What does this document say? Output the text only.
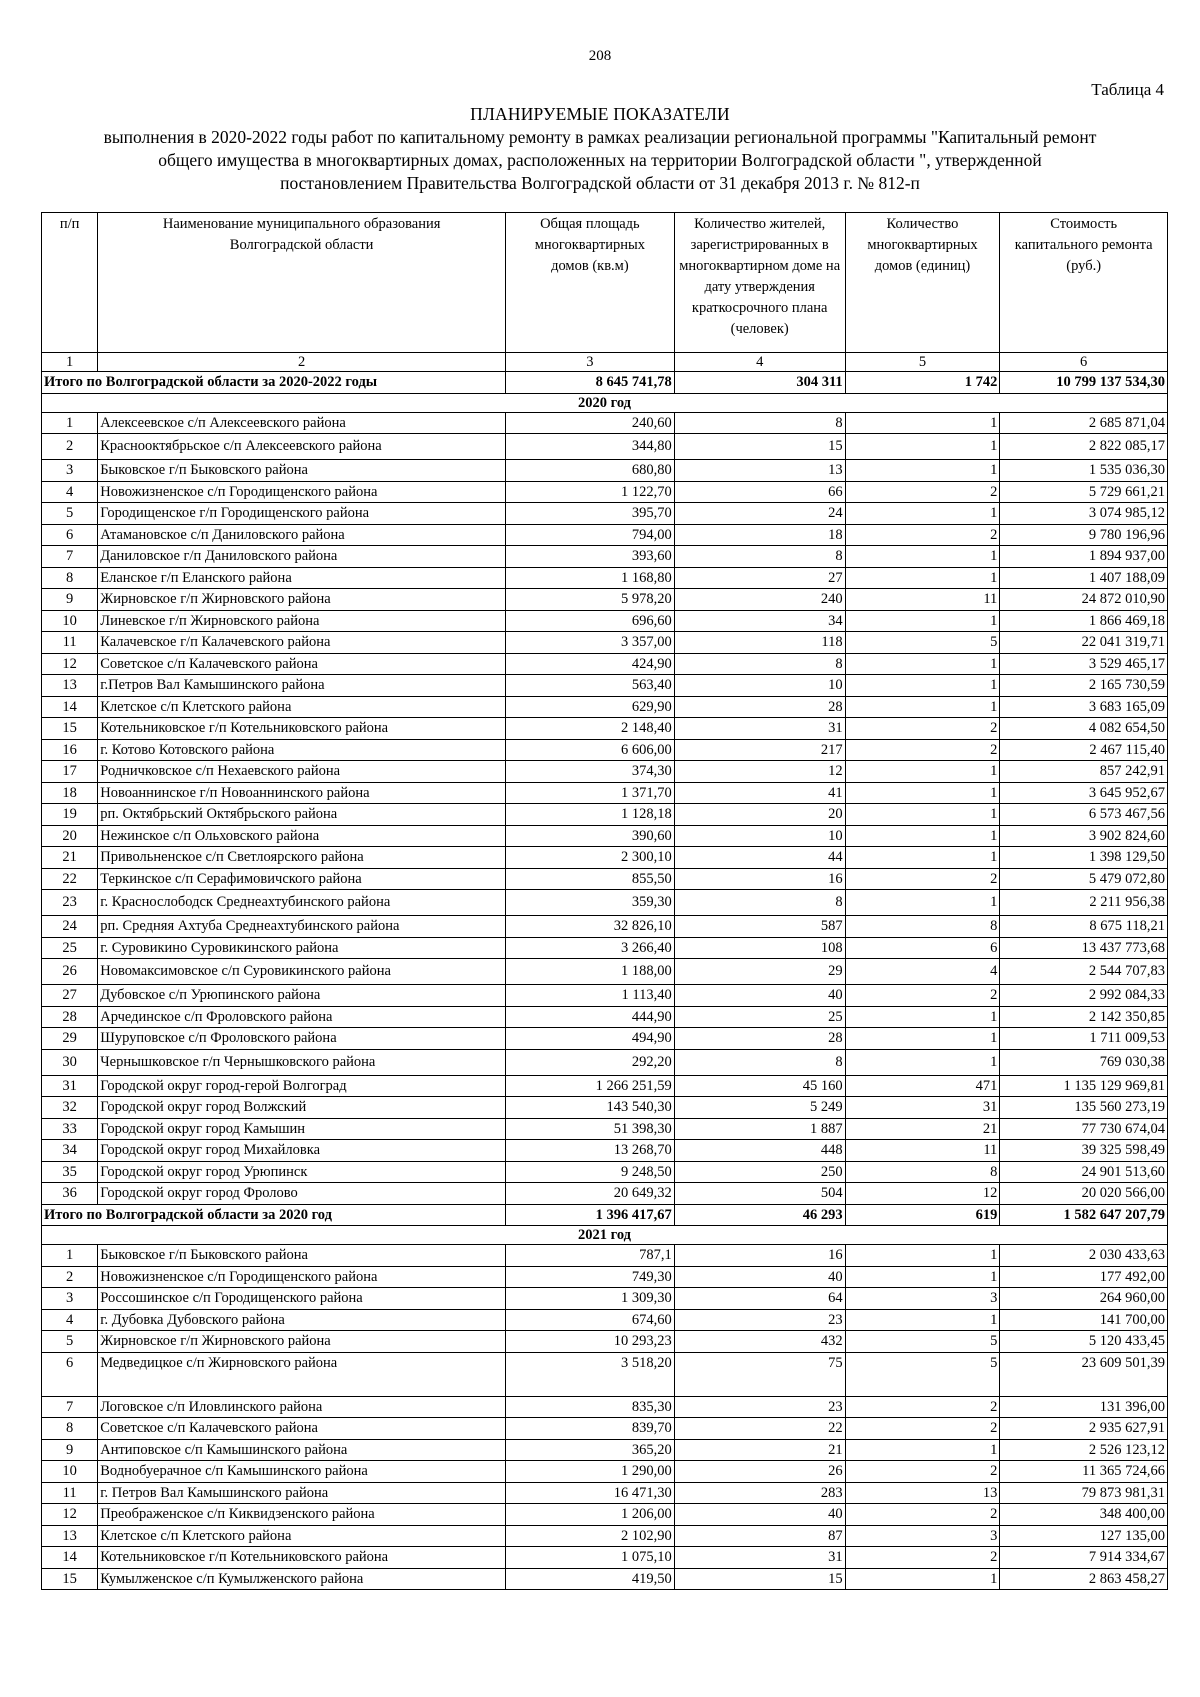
208
Таблица 4
ПЛАНИРУЕМЫЕ ПОКАЗАТЕЛИ
выполнения в 2020-2022 годы работ по капитальному ремонту в рамках реализации региональной программы "Капитальный ремонт
общего имущества в многоквартирных домах, расположенных на территории Волгоградской области ", утвержденной
постановлением Правительства Волгоградской области от 31 декабря 2013 г. № 812-п
п/п	Наименование муниципального образования Волгоградской области	Общая площадь многоквартирных домов (кв.м)	Количество жителей, зарегистрированных в многоквартирном доме на дату утверждения краткосрочного плана (человек)	Количество многоквартирных домов (единиц)	Стоимость капитального ремонта (руб.)
1	2	3	4	5	6
Итого по Волгоградской области за 2020-2022 годы		8 645 741,78	304 311	1 742	10 799 137 534,30
2020 год					
1	Алексеевское с/п Алексеевского района	240,60	8	1	2 685 871,04
2	Краснооктябрьское с/п Алексеевского района	344,80	15	1	2 822 085,17
3	Быковское г/п Быковского района	680,80	13	1	1 535 036,30
4	Новожизненское с/п Городищенского района	1 122,70	66	2	5 729 661,21
5	Городищенское г/п Городищенского района	395,70	24	1	3 074 985,12
6	Атамановское с/п Даниловского района	794,00	18	2	9 780 196,96
7	Даниловское г/п Даниловского района	393,60	8	1	1 894 937,00
8	Еланское г/п Еланского района	1 168,80	27	1	1 407 188,09
9	Жирновское г/п Жирновского района	5 978,20	240	11	24 872 010,90
10	Линевское г/п Жирновского района	696,60	34	1	1 866 469,18
11	Калачевское г/п Калачевского района	3 357,00	118	5	22 041 319,71
12	Советское с/п Калачевского района	424,90	8	1	3 529 465,17
13	г.Петров Вал Камышинского района	563,40	10	1	2 165 730,59
14	Клетское с/п Клетского района	629,90	28	1	3 683 165,09
15	Котельниковское г/п Котельниковского района	2 148,40	31	2	4 082 654,50
16	г. Котово Котовского района	6 606,00	217	2	2 467 115,40
17	Родничковское с/п Нехаевского района	374,30	12	1	857 242,91
18	Новоаннинское г/п Новоаннинского района	1 371,70	41	1	3 645 952,67
19	рп. Октябрьский Октябрьского района	1 128,18	20	1	6 573 467,56
20	Нежинское с/п Ольховского района	390,60	10	1	3 902 824,60
21	Привольненское с/п Светлоярского района	2 300,10	44	1	1 398 129,50
22	Теркинское с/п Серафимовичского района	855,50	16	2	5 479 072,80
23	г. Краснослободск Среднеахтубинского района	359,30	8	1	2 211 956,38
24	рп. Средняя Ахтуба Среднеахтубинского района	32 826,10	587	8	8 675 118,21
25	г. Суровикино Суровикинского района	3 266,40	108	6	13 437 773,68
26	Новомаксимовское с/п Суровикинского района	1 188,00	29	4	2 544 707,83
27	Дубовское с/п Урюпинского района	1 113,40	40	2	2 992 084,33
28	Арчединское с/п Фроловского района	444,90	25	1	2 142 350,85
29	Шуруповское с/п Фроловского района	494,90	28	1	1 711 009,53
30	Чернышковское г/п Чернышковского района	292,20	8	1	769 030,38
31	Городской округ город-герой Волгоград	1 266 251,59	45 160	471	1 135 129 969,81
32	Городской округ город Волжский	143 540,30	5 249	31	135 560 273,19
33	Городской округ город Камышин	51 398,30	1 887	21	77 730 674,04
34	Городской округ город Михайловка	13 268,70	448	11	39 325 598,49
35	Городской округ город Урюпинск	9 248,50	250	8	24 901 513,60
36	Городской округ город Фролово	20 649,32	504	12	20 020 566,00
Итого по Волгоградской области за 2020 год		1 396 417,67	46 293	619	1 582 647 207,79
2021 год					
1	Быковское г/п Быковского района	787,1	16	1	2 030 433,63
2	Новожизненское с/п Городищенского района	749,30	40	1	177 492,00
3	Россошинское с/п Городищенского района	1 309,30	64	3	264 960,00
4	г. Дубовка Дубовского района	674,60	23	1	141 700,00
5	Жирновское г/п Жирновского района	10 293,23	432	5	5 120 433,45
6	Медведицкое с/п Жирновского района	3 518,20	75	5	23 609 501,39
7	Логовское с/п Иловлинского района	835,30	23	2	131 396,00
8	Советское с/п Калачевского района	839,70	22	2	2 935 627,91
9	Антиповское с/п Камышинского района	365,20	21	1	2 526 123,12
10	Воднобуерачное с/п Камышинского района	1 290,00	26	2	11 365 724,66
11	г. Петров Вал Камышинского района	16 471,30	283	13	79 873 981,31
12	Преображенское с/п Киквидзенского района	1 206,00	40	2	348 400,00
13	Клетское с/п Клетского района	2 102,90	87	3	127 135,00
14	Котельниковское г/п Котельниковского района	1 075,10	31	2	7 914 334,67
15	Кумылженское с/п Кумылженского района	419,50	15	1	2 863 458,27
